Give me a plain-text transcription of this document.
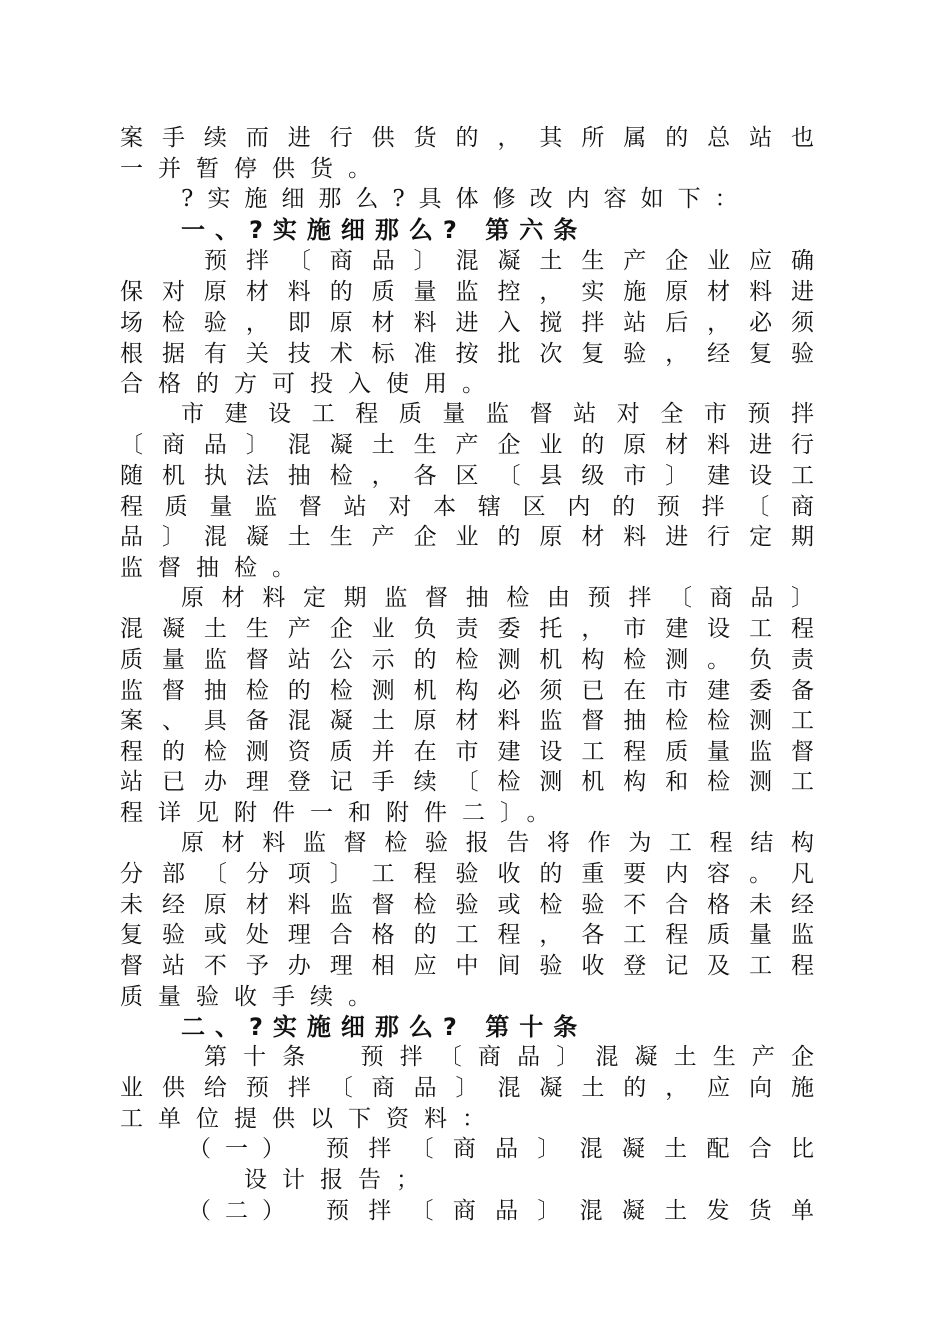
案手续而进行供货的，其所属的总站也
一并暂停供货。
?实施细那么?具体修改内容如下：
一、?实施细那么? 第六条
预拌〔商品〕混凝土生产企业应确
保对原材料的质量监控，实施原材料进
场检验，即原材料进入搅拌站后，必须
根据有关技术标准按批次复验，经复验
合格的方可投入使用。
市建设工程质量监督站对全市预拌
〔商品〕混凝土生产企业的原材料进行
随机执法抽检，各区〔县级市〕建设工
程质量监督站对本辖区内的预拌〔商
品〕混凝土生产企业的原材料进行定期
监督抽检。
原材料定期监督抽检由预拌〔商品〕
混凝土生产企业负责委托，市建设工程
质量监督站公示的检测机构检测。负责
监督抽检的检测机构必须已在市建委备
案、具备混凝土原材料监督抽检检测工
程的检测资质并在市建设工程质量监督
站已办理登记手续〔检测机构和检测工
程详见附件一和附件二〕。
原材料监督检验报告将作为工程结构
分部〔分项〕工程验收的重要内容。凡
未经原材料监督检验或检验不合格未经
复验或处理合格的工程，各工程质量监
督站不予办理相应中间验收登记及工程
质量验收手续。
二、?实施细那么? 第十条
第十条　预拌〔商品〕混凝土生产企
业供给预拌〔商品〕混凝土的，应向施
工单位提供以下资料：
（一） 预拌〔商品〕混凝土配合比
设计报告；
（二） 预拌〔商品〕混凝土发货单
